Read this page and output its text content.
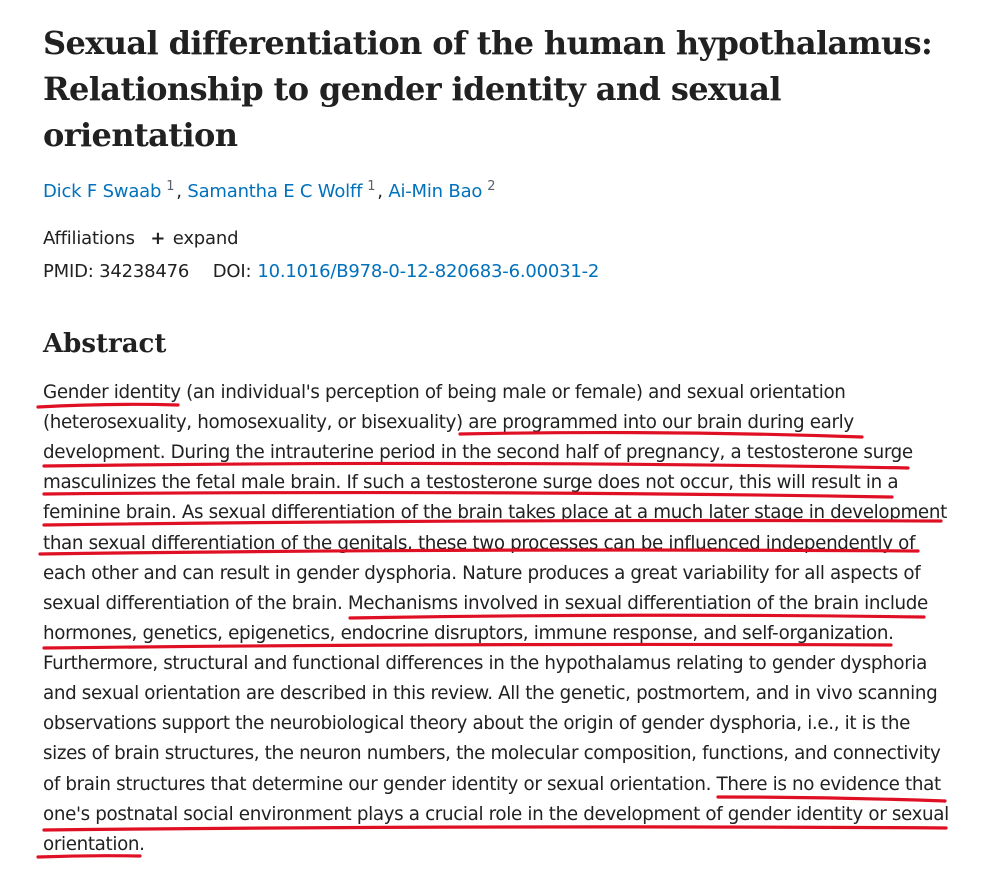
Sexual differentiation of the human hypothalamus: Relationship to gender identity and sexual orientation
Dick F Swaab $^1$ , Samantha E C Wolff $^1$ , Ai-Min Bao $^2$
Affiliations + expand
PMID: 34238476 DOI: 10.1016/B978-0-12-820683-6.00031-2
Abstract
Gender identity (an individual's perception of being male or female) and sexual orientation
(heterosexuality, homosexuality, or bisexuality) are programmed into our brain during early
development. During the intrauterine period in the second half of pregnancy, a testosterone surge
masculinizes the fetal male brain. If such a testosterone surge does not occur, this will result in a
feminine brain. As sexual differentiation of the brain takes place at a much later stage in development
than sexual differentiation of the genitals, these two processes can be influenced independently of
each other and can result in gender dysphoria. Nature produces a great variability for all aspects of
sexual differentiation of the brain. Mechanisms involved in sexual differentiation of the brain include
hormones, genetics, epigenetics, endocrine disruptors, immune response, and self-organization.
Furthermore, structural and functional differences in the hypothalamus relating to gender dysphoria
and sexual orientation are described in this review. All the genetic, postmortem, and in vivo scanning
observations support the neurobiological theory about the origin of gender dysphoria, i.e., it is the
sizes of brain structures, the neuron numbers, the molecular composition, functions, and connectivity
of brain structures that determine our gender identity or sexual orientation. There is no evidence that
one's postnatal social environment plays a crucial role in the development of gender identity or sexual
orientation.
